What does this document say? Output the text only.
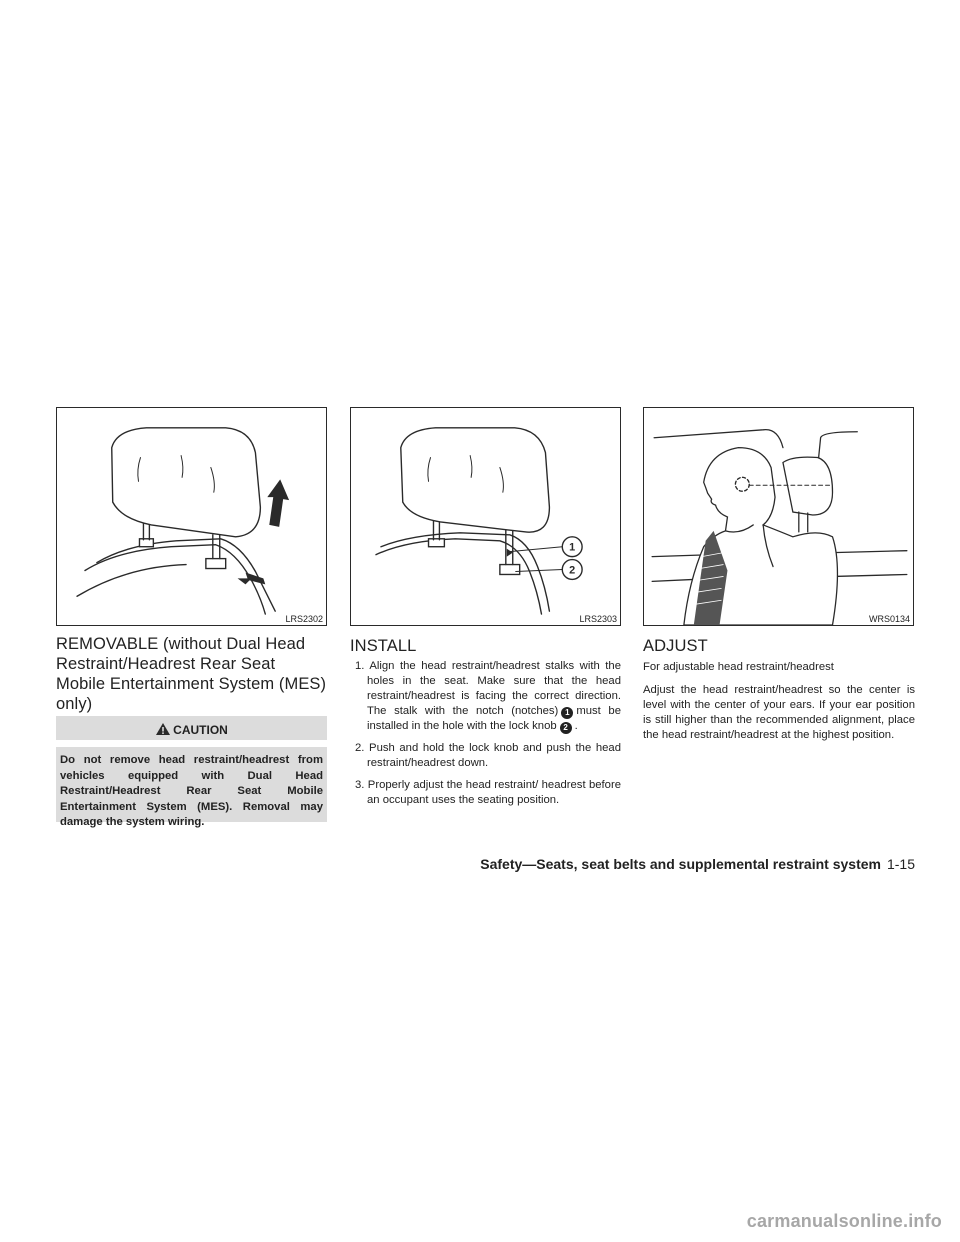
LRS2302
1
2
LRS2303	WRS0134
REMOVABLE (without Dual Head Restraint/Headrest Rear Seat Mobile Entertainment System (MES) only)
CAUTION

Do not remove head restraint/headrest from vehicles equipped with Dual Head Restraint/Headrest Rear Seat Mobile Entertainment System (MES). Removal may damage the system wiring.

INSTALL
1. Align the head restraint/headrest stalks with the holes in the seat. Make sure that the head restraint/headrest is facing the correct direction. The stalk with the notch (notches) 1 must be installed in the hole with the lock knob 2 .
2. Push and hold the lock knob and push the head restraint/headrest down.
3. Properly adjust the head restraint/ headrest before an occupant uses the seating position.
ADJUST

For adjustable head restraint/headrest

Adjust the head restraint/headrest so the center is level with the center of your ears. If your ear position is still higher than the recommended alignment, place the head restraint/headrest at the highest position.

Safety—Seats, seat belts and supplemental restraint system 1-15
carmanualsonline.info
